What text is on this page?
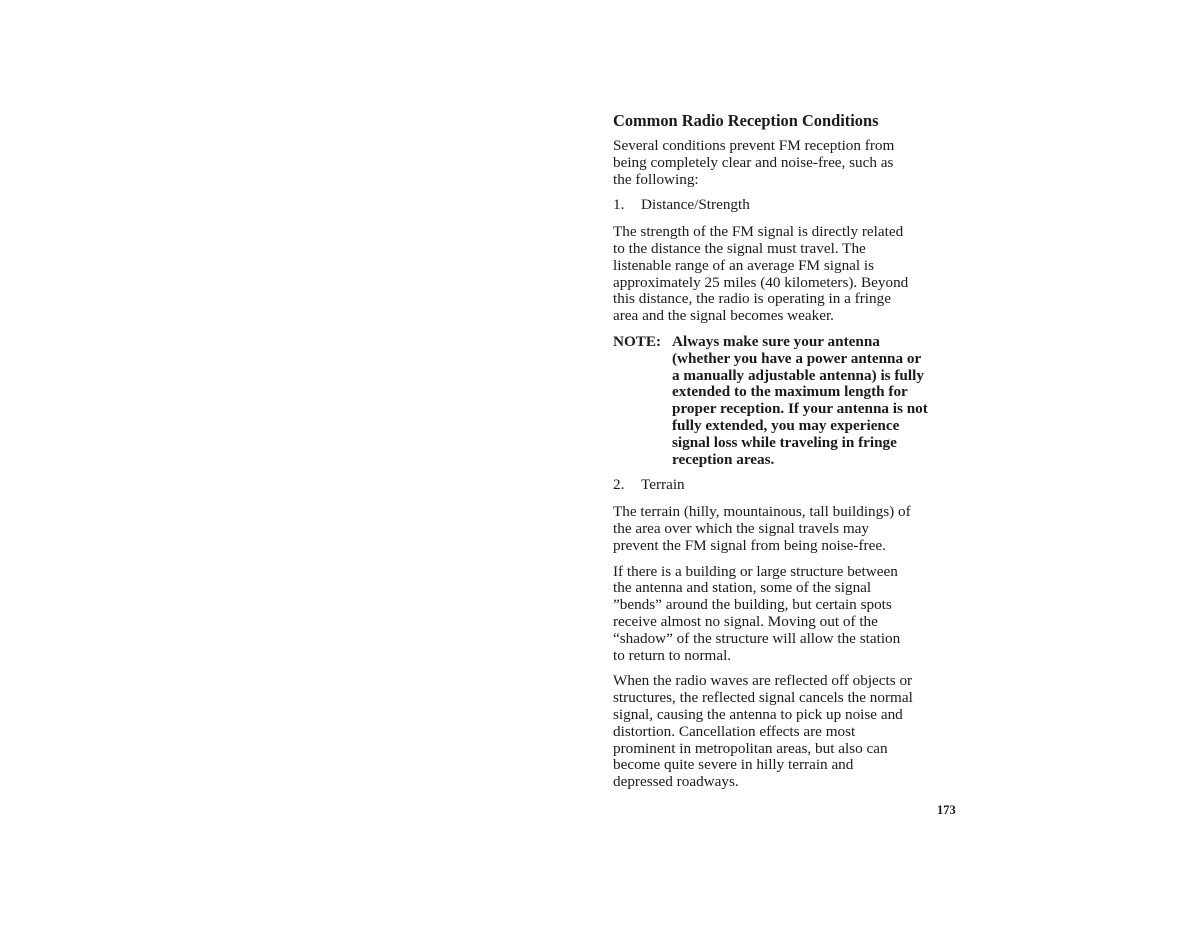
Common Radio Reception Conditions
Several conditions prevent FM reception from
being completely clear and noise-free, such as
the following:
1.	Distance/Strength
The strength of the FM signal is directly related
to the distance the signal must travel. The
listenable range of an average FM signal is
approximately 25 miles (40 kilometers). Beyond
this distance, the radio is operating in a fringe
area and the signal becomes weaker.
NOTE: Always make sure your antenna
(whether you have a power antenna or
a manually adjustable antenna) is fully
extended to the maximum length for
proper reception. If your antenna is not
fully extended, you may experience
signal loss while traveling in fringe
reception areas.
2.	Terrain
The terrain (hilly, mountainous, tall buildings) of
the area over which the signal travels may
prevent the FM signal from being noise-free.
If there is a building or large structure between
the antenna and station, some of the signal
”bends” around the building, but certain spots
receive almost no signal. Moving out of the
“shadow” of the structure will allow the station
to return to normal.
When the radio waves are reflected off objects or
structures, the reflected signal cancels the normal
signal, causing the antenna to pick up noise and
distortion. Cancellation effects are most
prominent in metropolitan areas, but also can
become quite severe in hilly terrain and
depressed roadways.
173
